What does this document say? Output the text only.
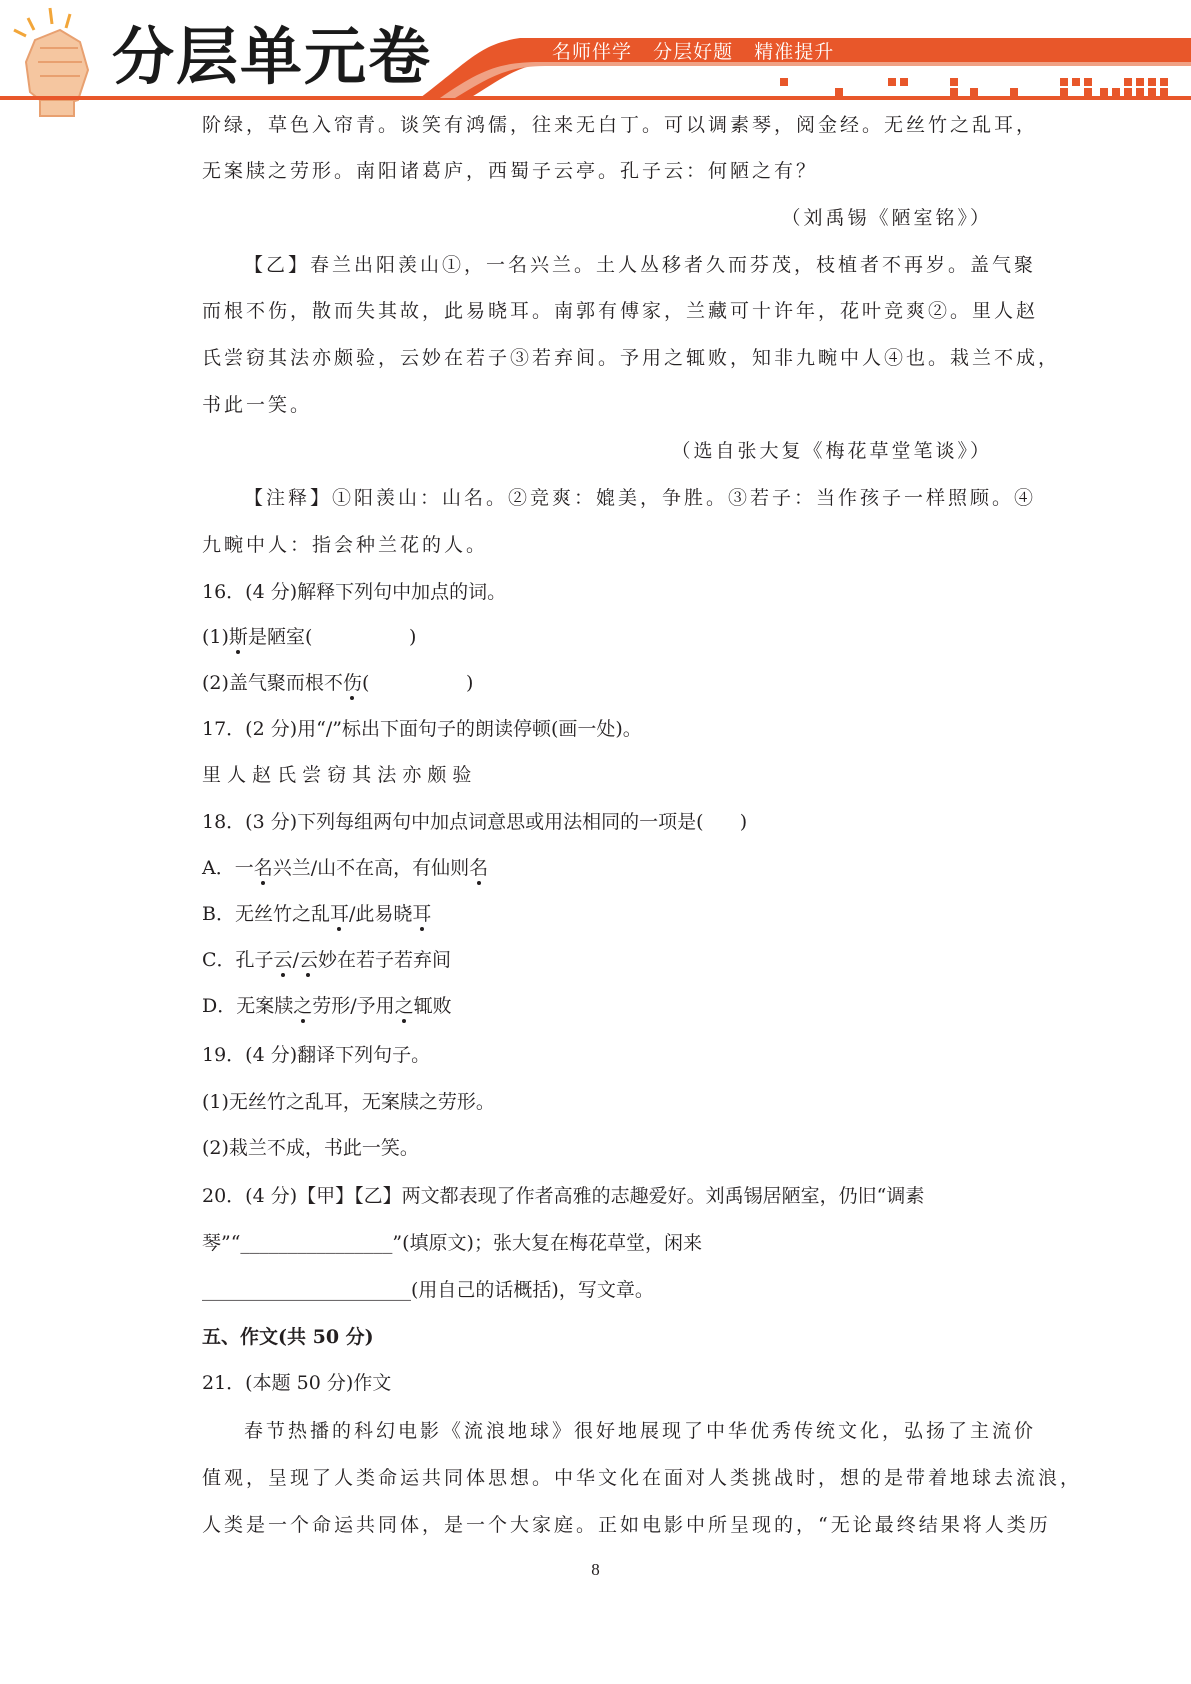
分层单元卷	名师伴学   分层好题   精准提升
阶绿，草色入帘青。谈笑有鸿儒，往来无白丁。可以调素琴，阅金经。无丝竹之乱耳，
无案牍之劳形。南阳诸葛庐，西蜀子云亭。孔子云：何陋之有？
（刘禹锡《陋室铭》）
【乙】春兰出阳羡山①，一名兴兰。土人丛移者久而芬茂，枝植者不再岁。盖气聚
而根不伤，散而失其故，此易晓耳。南郭有傅家，兰藏可十许年，花叶竞爽②。里人赵
氏尝窃其法亦颇验，云妙在若子③若弃间。予用之辄败，知非九畹中人④也。栽兰不成，
书此一笑。
（选自张大复《梅花草堂笔谈》）
【注释】①阳羡山：山名。②竞爽：媲美，争胜。③若子：当作孩子一样照顾。④
九畹中人：指会种兰花的人。
16．(4 分)解释下列句中加点的词。
(1)斯是陋室(                )
(2)盖气聚而根不伤(                )
17．(2 分)用“/”标出下面句子的朗读停顿(画一处)。
里 人 赵 氏 尝 窃 其 法 亦 颇 验
18．(3 分)下列每组两句中加点词意思或用法相同的一项是(      )
A．一名兴兰/山不在高，有仙则名
B．无丝竹之乱耳/此易晓耳
C．孔子云/云妙在若子若弃间
D．无案牍之劳形/予用之辄败
19．(4 分)翻译下列句子。
(1)无丝竹之乱耳，无案牍之劳形。
(2)栽兰不成，书此一笑。
20．(4 分)【甲】【乙】两文都表现了作者高雅的志趣爱好。刘禹锡居陋室，仍旧“调素
琴”“________________”(填原文)；张大复在梅花草堂，闲来
______________________(用自己的话概括)，写文章。
五、作文(共 50 分)
21．(本题 50 分)作文
春节热播的科幻电影《流浪地球》很好地展现了中华优秀传统文化，弘扬了主流价
值观，呈现了人类命运共同体思想。中华文化在面对人类挑战时，想的是带着地球去流浪，
人类是一个命运共同体，是一个大家庭。正如电影中所呈现的，“无论最终结果将人类历
8
